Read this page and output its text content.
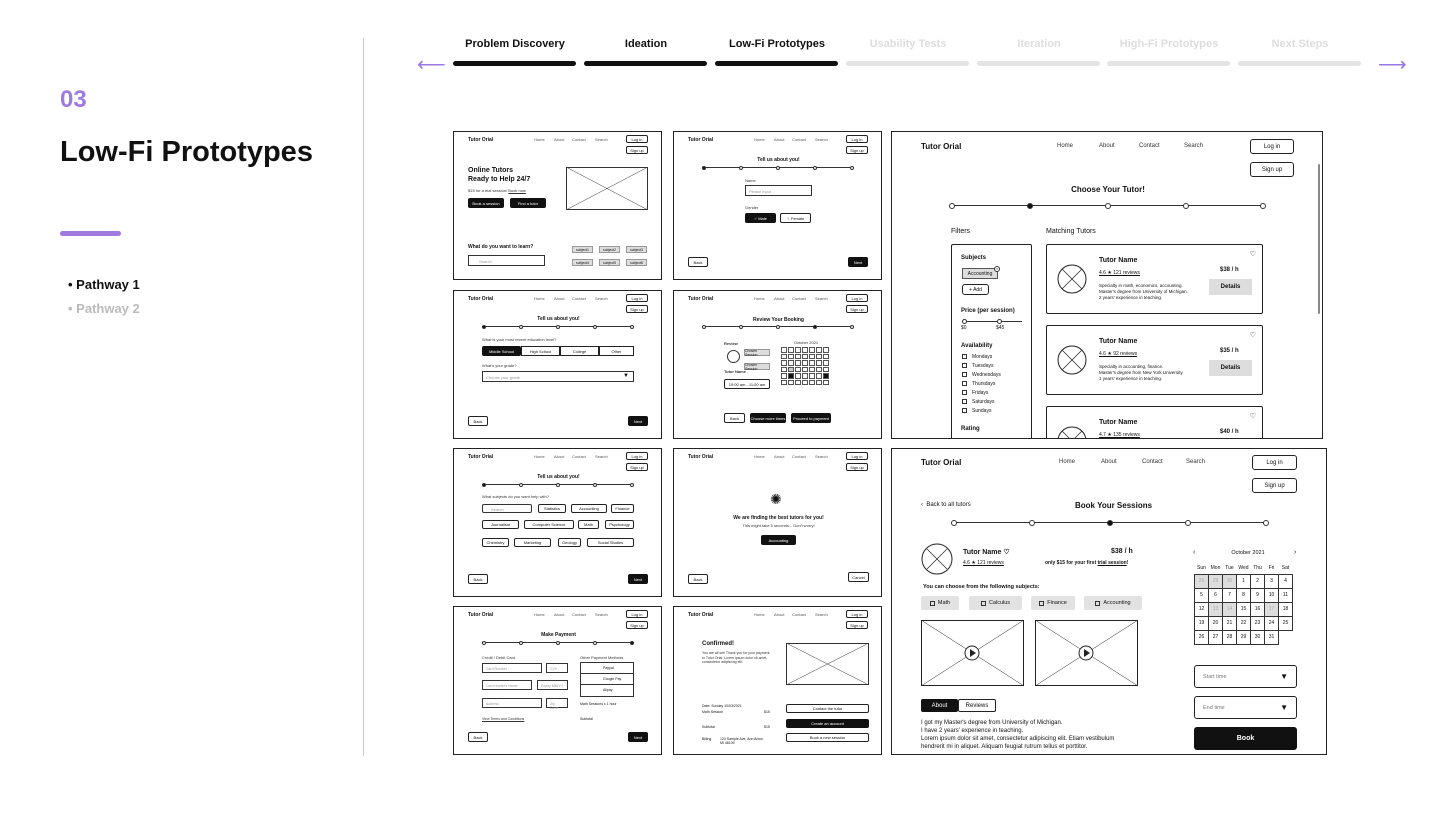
03
Low-Fi Prototypes
• Pathway 1
• Pathway 2
⟵	⟶
Problem Discovery	Ideation	Low-Fi Prototypes	Usability Tests	Iteration	High-Fi Prototypes	Next Steps
Tutor Orial	Home About Contact Search	Log in
Sign up
Online Tutors
Ready to Help 24/7
$15 for a trial session! Book now
Book a session	Find a tutor
What do you want to learn?
Search
subject1	subject2	subject3
subject4	subject5	subject6
Tutor Orial	Home About Contact Search	Log in
Sign up
Tell us about you!
Name
Please input
Gender
♂ Male	♀ Female
Back	Next
Tutor Orial	Home About Contact Search	Log in
Sign up
Tell us about you!
What is your most recent education level?
Middle School	High School	College	Other
What's your grade?
Choose your grade	▼
Back	Next
Tutor Orial	Home About Contact Search	Log in
Sign up
Review Your Booking
Review
Chosen Session
Chosen Session
Tutor Name
10:00 am - 11:00 am
October 2021
Back	Choose more times	Proceed to payment
Tutor Orial	Home About Contact Search	Log in
Sign up
Tell us about you!
What subjects do you want help with?
Search	Statistics	Accounting	Finance
Journalism	Computer Science	Math	Psychology
Chemistry	Marketing	Geology	Social Studies
Back	Next
Tutor Orial	Home About Contact Search	Log in
Sign up
✺
We are finding the best tutors for you!
This might take 5 seconds... Don't worry!
Accounting
Back	Cancel
Tutor Orial	Home About Contact Search	Log in
Sign up
Make Payment
Credit / Debit Card	Other Payment Methods
Card Number	CVV
Card Holder's Name	Expiry MM/YY
Address	Zip Code
View Terms and Conditions
Paypal
Google Pay
Alipay
Math Sessions x 1 hour
Subtotal
Back	Next
Tutor Orial	Home About Contact Search	Log in
Sign up
Confirmed!
You are all set! Thank you for your payment to Tutor Orial. Lorem ipsum dolor sit amet, consectetur adipiscing elit.
Date: Sunday 10/03/2021
Math Session	$15
Subtotal	$15
Billing 123 Sample Ave, Ann Arbor, MI 48109
Contact the tutor
Create an account
Book a new session
Tutor Orial	Home	About	Contact	Search	Log in
Sign up
Choose Your Tutor!
Filters	Matching Tutors
Subjects
Accounting
×
+ Add
Price (per session)
$0	$45
Availability
Mondays
Tuesdays
Wednesdays
Thursdays
Fridays
Saturdays
Sundays
Rating
♡
Tutor Name
4.6 ★ 121 reviews	$38 / h
Specialty in math, economics, accounting.
Master's degree from University of Michigan.
2 years' experience in teaching.
Details
♡
Tutor Name
4.6 ★ 92 reviews	$35 / h
Specialty in accounting, finance.
Master's degree from New York University.
1 years' experience in teaching.
Details
♡
Tutor Name
4.7 ★ 135 reviews	$40 / h
Tutor Orial	Home	About	Contact	Search	Log in
Sign up
‹  Back to all tutors	Book Your Sessions
Tutor Name ♡
4.6 ★ 121 reviews
$38 / h
only $15 for your first trial session!
You can choose from the following subjects:
About	Reviews
I got my Master's degree from University of Michigan.
I have 2 years' experience in teaching.
Lorem ipsum dolor sit amet, consectetur adipiscing elit. Etiam vestibulum
hendrerit mi in aliquet. Aliquam feugiat rutrum tellus et porttitor.
‹	October 2021	›
Sun	Mon	Tue	Wed	Thu	Fri	Sat
26	29	30	1	2	3	4
5	6	7	8	9	10	11
12	13	14	15	16	17	18
19	20	21	22	23	24	25
26	27	28	29	30	31	
Start time	▼
End time	▼
Book
Math	Calculus	Finance	Accounting
